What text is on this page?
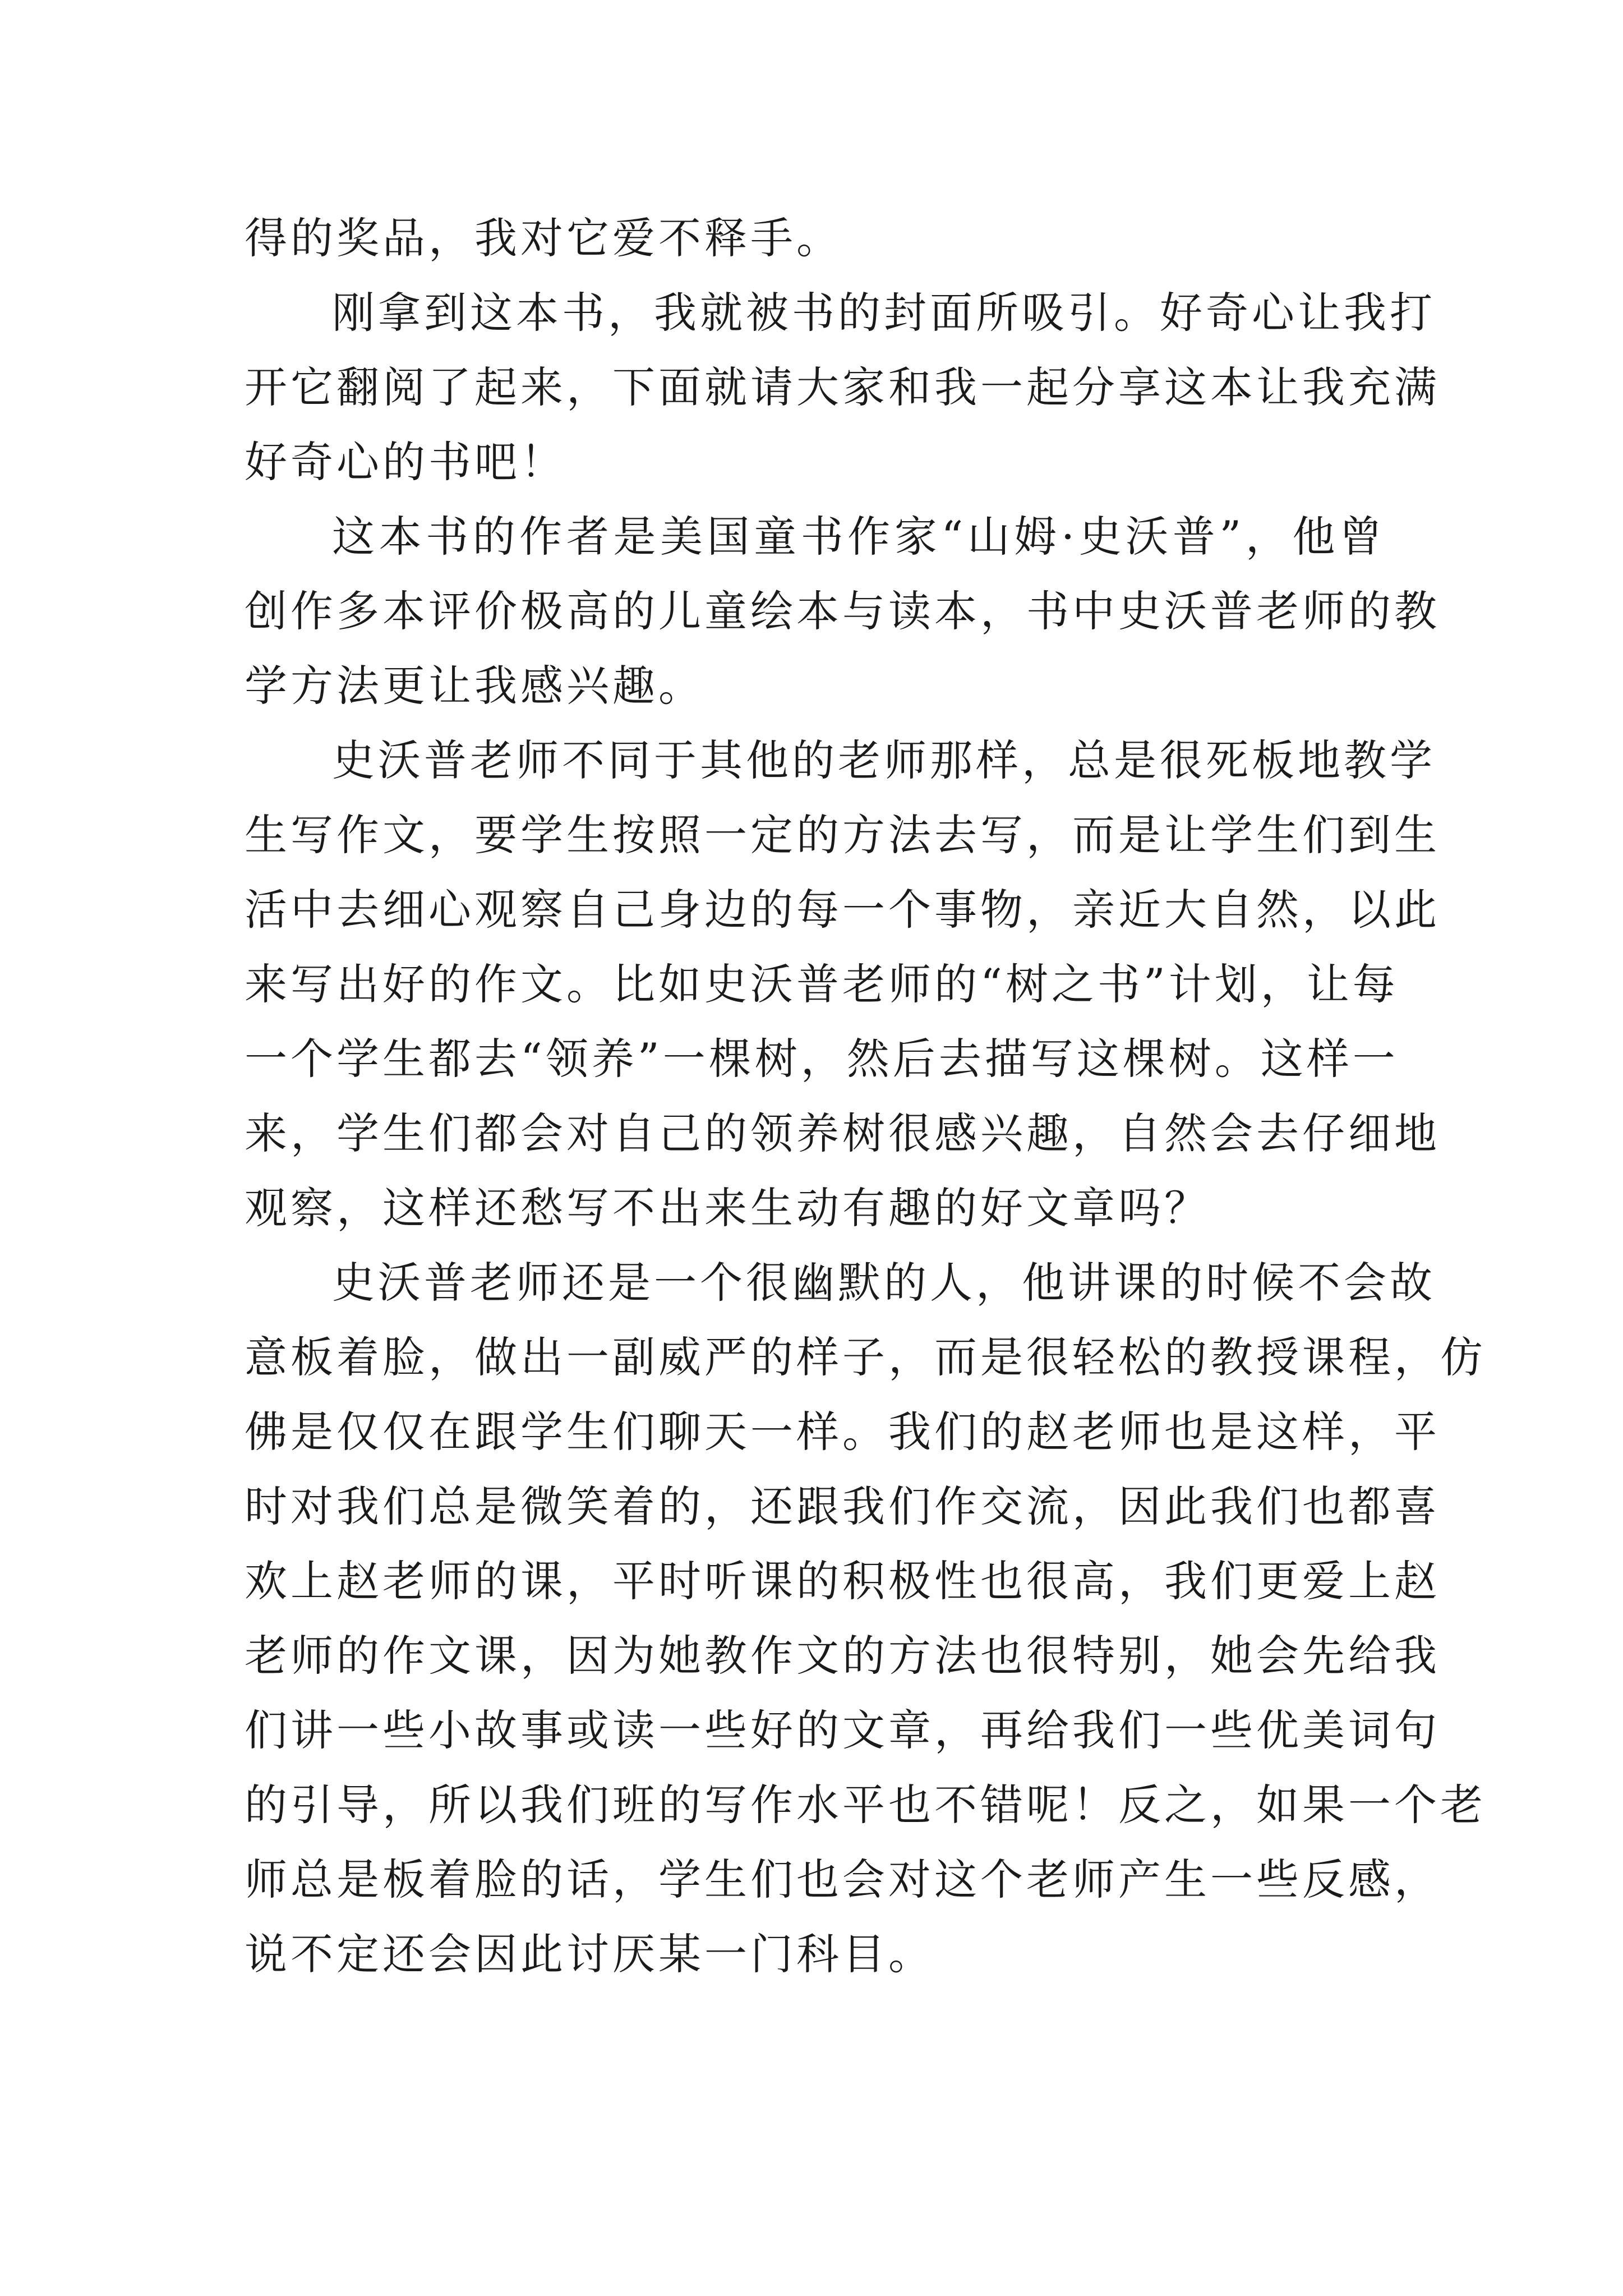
得的奖品，我对它爱不释手。
刚拿到这本书，我就被书的封面所吸引。好奇心让我打
开它翻阅了起来，下面就请大家和我一起分享这本让我充满
好奇心的书吧！
这本书的作者是美国童书作家“山姆·史沃普”，他曾
创作多本评价极高的儿童绘本与读本，书中史沃普老师的教
学方法更让我感兴趣。
史沃普老师不同于其他的老师那样，总是很死板地教学
生写作文，要学生按照一定的方法去写，而是让学生们到生
活中去细心观察自己身边的每一个事物，亲近大自然，以此
来写出好的作文。比如史沃普老师的“树之书”计划，让每
一个学生都去“领养”一棵树，然后去描写这棵树。这样一
来，学生们都会对自己的领养树很感兴趣，自然会去仔细地
观察，这样还愁写不出来生动有趣的好文章吗？
史沃普老师还是一个很幽默的人，他讲课的时候不会故
意板着脸，做出一副威严的样子，而是很轻松的教授课程，仿
佛是仅仅在跟学生们聊天一样。我们的赵老师也是这样，平
时对我们总是微笑着的，还跟我们作交流，因此我们也都喜
欢上赵老师的课，平时听课的积极性也很高，我们更爱上赵
老师的作文课，因为她教作文的方法也很特别，她会先给我
们讲一些小故事或读一些好的文章，再给我们一些优美词句
的引导，所以我们班的写作水平也不错呢！反之，如果一个老
师总是板着脸的话，学生们也会对这个老师产生一些反感，
说不定还会因此讨厌某一门科目。
